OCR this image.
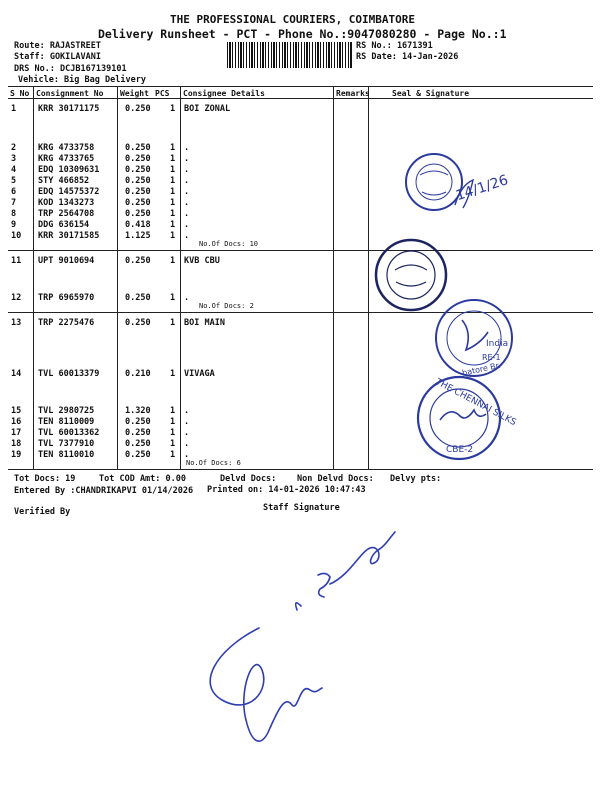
THE PROFESSIONAL COURIERS, COIMBATORE
Delivery Runsheet - PCT - Phone No.:9047080280 - Page No.:1
Route: RAJASTREET
Staff: GOKILAVANI
DRS No.: DCJB167139101
Vehicle: Big Bag Delivery
RS No.: 1671391
RS Date: 14-Jan-2026
S No Consignment No Weight PCS Consignee Details	Remarks	Seal & Signature
1	KRR 30171175	0.250 1 BOI ZONAL
2	KRG 4733758	0.250 1 .
3	KRG 4733765	0.250 1 .
4	EDQ 10309631	0.250 1 .
5	STY 466852	0.250 1 .
6	EDQ 14575372	0.250 1 .
7	KOD 1343273	0.250 1 .
8	TRP 2564708	0.250 1 .
9	DDG 636154	0.418 1 .
10 KRR 30171585	1.125 1 .
No.Of Docs: 10
11 UPT 9010694	0.250 1 KVB CBU
12 TRP 6965970	0.250 1 .
No.Of Docs: 2
13 TRP 2275476	0.250 1 BOI MAIN
14 TVL 60013379	0.210 1 VIVAGA
15 TVL 2980725	1.320 1 .
16 TEN 8110009	0.250 1 .
17 TVL 60013362	0.250 1 .
18 TVL 7377910	0.250 1 .
19 TEN 8110010	0.250 1 .
No.Of Docs: 6
Tot Docs: 19	Tot COD Amt: 0.00	Delvd Docs: Non Delvd Docs: Delvy pts:
Entered By :CHANDRIKAPVI 01/14/2026 Printed on: 14-01-2026 10:47:43
Verified By	Staff Signature
14/1/26
India
RE-1
batore Br.
THE CHENNAI SILKS
CBE-2
